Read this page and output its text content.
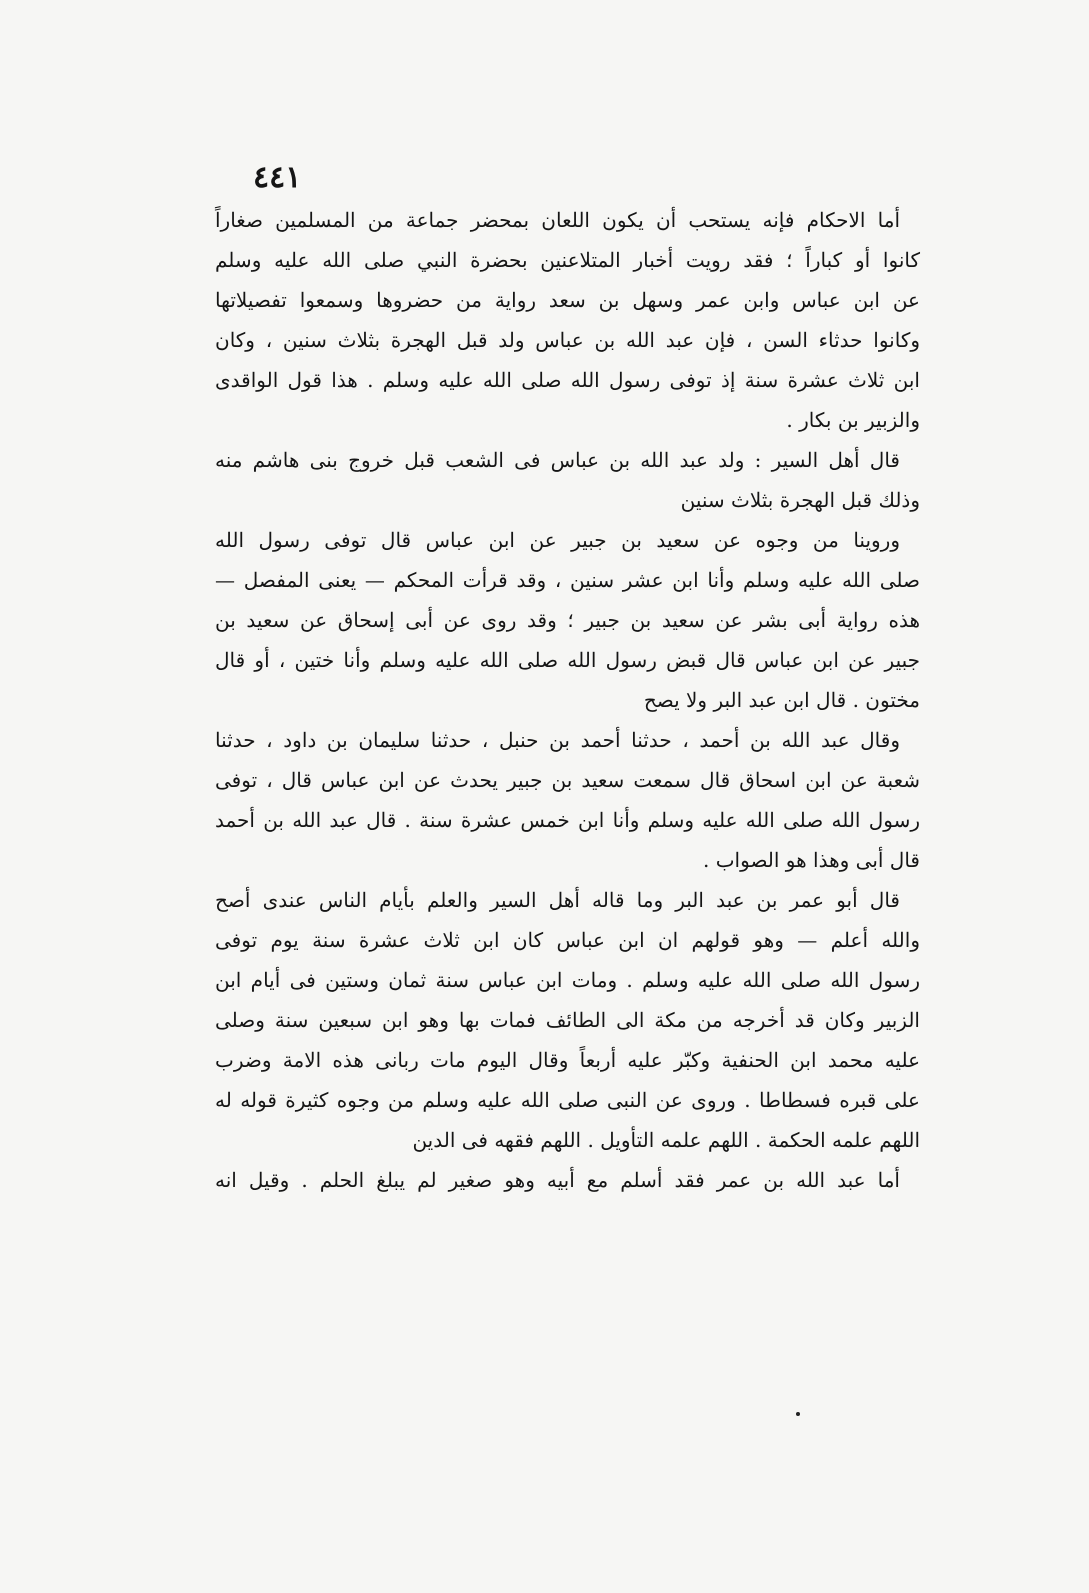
٤٤١
أما الاحكام فإنه يستحب أن يكون اللعان بمحضر جماعة من المسلمين صغاراً
كانوا أو كباراً ؛ فقد رويت أخبار المتلاعنين بحضرة النبي صلى الله عليه وسلم
عن ابن عباس وابن عمر وسهل بن سعد رواية من حضروها وسمعوا تفصيلاتها
وكانوا حدثاء السن ، فإن عبد الله بن عباس ولد قبل الهجرة بثلاث سنين ، وكان
ابن ثلاث عشرة سنة إذ توفى رسول الله صلى الله عليه وسلم . هذا قول الواقدى
والزبير بن بكار .
قال أهل السير : ولد عبد الله بن عباس فى الشعب قبل خروج بنى هاشم منه
وذلك قبل الهجرة بثلاث سنين
وروينا من وجوه عن سعيد بن جبير عن ابن عباس قال توفى رسول الله
صلى الله عليه وسلم وأنا ابن عشر سنين ، وقد قرأت المحكم — يعنى المفصل —
هذه رواية أبى بشر عن سعيد بن جبير ؛ وقد روى عن أبى إسحاق عن سعيد بن
جبير عن ابن عباس قال قبض رسول الله صلى الله عليه وسلم وأنا ختين ، أو قال
مختون . قال ابن عبد البر ولا يصح
وقال عبد الله بن أحمد ، حدثنا أحمد بن حنبل ، حدثنا سليمان بن داود ، حدثنا
شعبة عن ابن اسحاق قال سمعت سعيد بن جبير يحدث عن ابن عباس قال ، توفى
رسول الله صلى الله عليه وسلم وأنا ابن خمس عشرة سنة . قال عبد الله بن أحمد
قال أبى وهذا هو الصواب .
قال أبو عمر بن عبد البر وما قاله أهل السير والعلم بأيام الناس عندى أصح
والله أعلم — وهو قولهم ان ابن عباس كان ابن ثلاث عشرة سنة يوم توفى
رسول الله صلى الله عليه وسلم . ومات ابن عباس سنة ثمان وستين فى أيام ابن
الزبير وكان قد أخرجه من مكة الى الطائف فمات بها وهو ابن سبعين سنة وصلى
عليه محمد ابن الحنفية وكبّر عليه أربعاً وقال اليوم مات ربانى هذه الامة وضرب
على قبره فسطاطا . وروى عن النبى صلى الله عليه وسلم من وجوه كثيرة قوله له
اللهم علمه الحكمة . اللهم علمه التأويل . اللهم فقهه فى الدين
أما عبد الله بن عمر فقد أسلم مع أبيه وهو صغير لم يبلغ الحلم . وقيل انه
